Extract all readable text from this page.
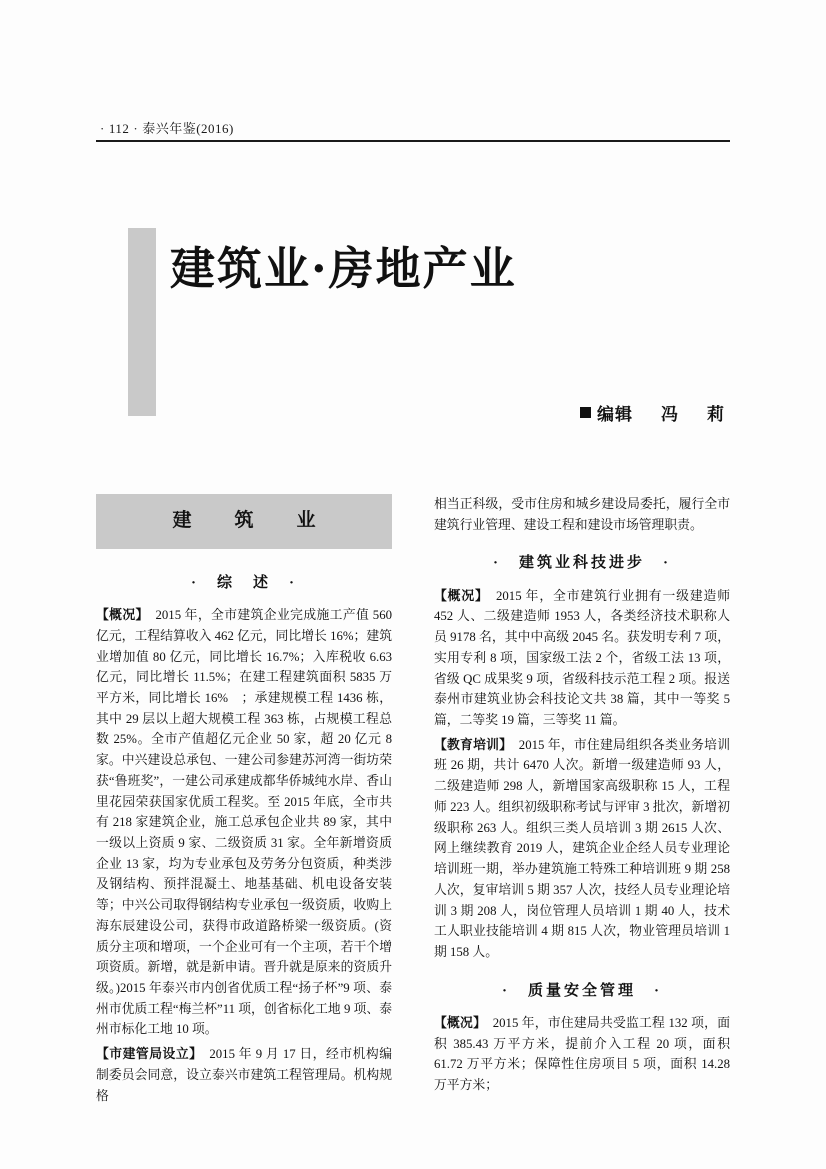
· 112 · 泰兴年鉴(2016)
建筑业·房地产业
编辑 冯　莉
建　筑　业
·　综　述　·

【概况】　2015 年，全市建筑企业完成施工产值 560 亿元，工程结算收入 462 亿元，同比增长 16%；建筑业增加值 80 亿元，同比增长 16.7%；入库税收 6.63 亿元，同比增长 11.5%；在建工程建筑面积 5835 万平方米，同比增长 16%　；承建规模工程 1436 栋，其中 29 层以上超大规模工程 363 栋，占规模工程总数 25%。全市产值超亿元企业 50 家，超 20 亿元 8 家。中兴建设总承包、一建公司参建苏河湾一街坊荣获“鲁班奖”，一建公司承建成都华侨城纯水岸、香山里花园荣获国家优质工程奖。至 2015 年底，全市共有 218 家建筑企业，施工总承包企业共 89 家，其中一级以上资质 9 家、二级资质 31 家。全年新增资质企业 13 家，均为专业承包及劳务分包资质，种类涉及钢结构、预拌混凝土、地基基础、机电设备安装等；中兴公司取得钢结构专业承包一级资质，收购上海东辰建设公司，获得市政道路桥梁一级资质。(资质分主项和增项，一个企业可有一个主项，若干个增项资质。新增，就是新申请。晋升就是原来的资质升级。)2015 年泰兴市内创省优质工程“扬子杯”9 项、泰州市优质工程“梅兰杯”11 项，创省标化工地 9 项、泰州市标化工地 10 项。

【市建管局设立】　2015 年 9 月 17 日，经市机构编制委员会同意，设立泰兴市建筑工程管理局。机构规格

相当正科级，受市住房和城乡建设局委托，履行全市建筑行业管理、建设工程和建设市场管理职责。

·　建筑业科技进步　·

【概况】　2015 年，全市建筑行业拥有一级建造师 452 人、二级建造师 1953 人，各类经济技术职称人员 9178 名，其中中高级 2045 名。获发明专利 7 项，实用专利 8 项，国家级工法 2 个，省级工法 13 项，省级 QC 成果奖 9 项，省级科技示范工程 2 项。报送泰州市建筑业协会科技论文共 38 篇，其中一等奖 5 篇，二等奖 19 篇，三等奖 11 篇。

【教育培训】　2015 年，市住建局组织各类业务培训班 26 期，共计 6470 人次。新增一级建造师 93 人，二级建造师 298 人，新增国家高级职称 15 人，工程师 223 人。组织初级职称考试与评审 3 批次，新增初级职称 263 人。组织三类人员培训 3 期 2615 人次、网上继续教育 2019 人，建筑企业企经人员专业理论培训班一期，举办建筑施工特殊工种培训班 9 期 258 人次，复审培训 5 期 357 人次，技经人员专业理论培训 3 期 208 人，岗位管理人员培训 1 期 40 人，技术工人职业技能培训 4 期 815 人次，物业管理员培训 1 期 158 人。

·　质量安全管理　·

【概况】　2015 年，市住建局共受监工程 132 项，面积 385.43 万平方米，提前介入工程 20 项，面积 61.72 万平方米；保障性住房项目 5 项，面积 14.28 万平方米；
